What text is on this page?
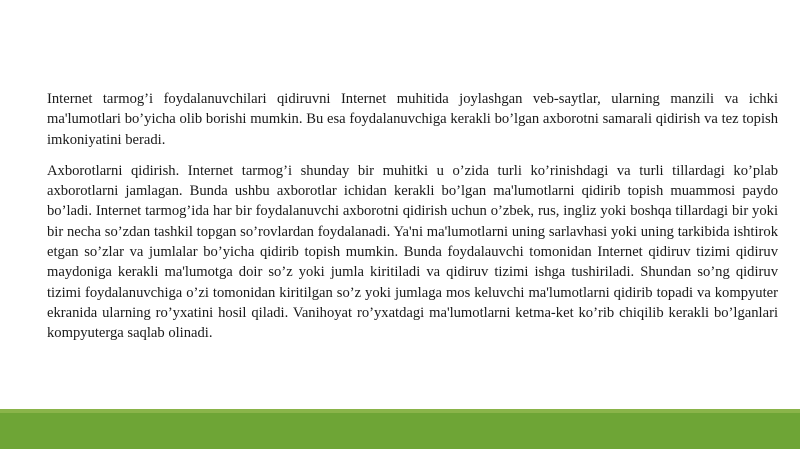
Internet tarmog’i foydalanuvchilari qidiruvni Internet muhitida joylashgan veb-saytlar, ularning manzili va ichki ma'lumotlari bo’yicha olib borishi mumkin. Bu esa foydalanuvchiga kerakli bo’lgan axborotni samarali qidirish va tez topish imkoniyatini beradi.

Axborotlarni qidirish. Internet tarmog’i shunday bir muhitki u o’zida turli ko’rinishdagi va turli tillardagi ko’plab axborotlarni jamlagan. Bunda ushbu axborotlar ichidan kerakli bo’lgan ma'lumotlarni qidirib topish muammosi paydo bo’ladi. Internet tarmog’ida har bir foydalanuvchi axborotni qidirish uchun o’zbek, rus, ingliz yoki boshqa tillardagi bir yoki bir necha so’zdan tashkil topgan so’rovlardan foydalanadi. Ya'ni ma'lumotlarni uning sarlavhasi yoki uning tarkibida ishtirok etgan so’zlar va jumlalar bo’yicha qidirib topish mumkin. Bunda foydalauvchi tomonidan Internet qidiruv tizimi qidiruv maydoniga kerakli ma'lumotga doir so’z yoki jumla kiritiladi va qidiruv tizimi ishga tushiriladi. Shundan so’ng qidiruv tizimi foydalanuvchiga o’zi tomonidan kiritilgan so’z yoki jumlaga mos keluvchi ma'lumotlarni qidirib topadi va kompyuter ekranida ularning ro’yxatini hosil qiladi. Vanihoyat ro’yxatdagi ma'lumotlarni ketma-ket ko’rib chiqilib kerakli bo’lganlari kompyuterga saqlab olinadi.
